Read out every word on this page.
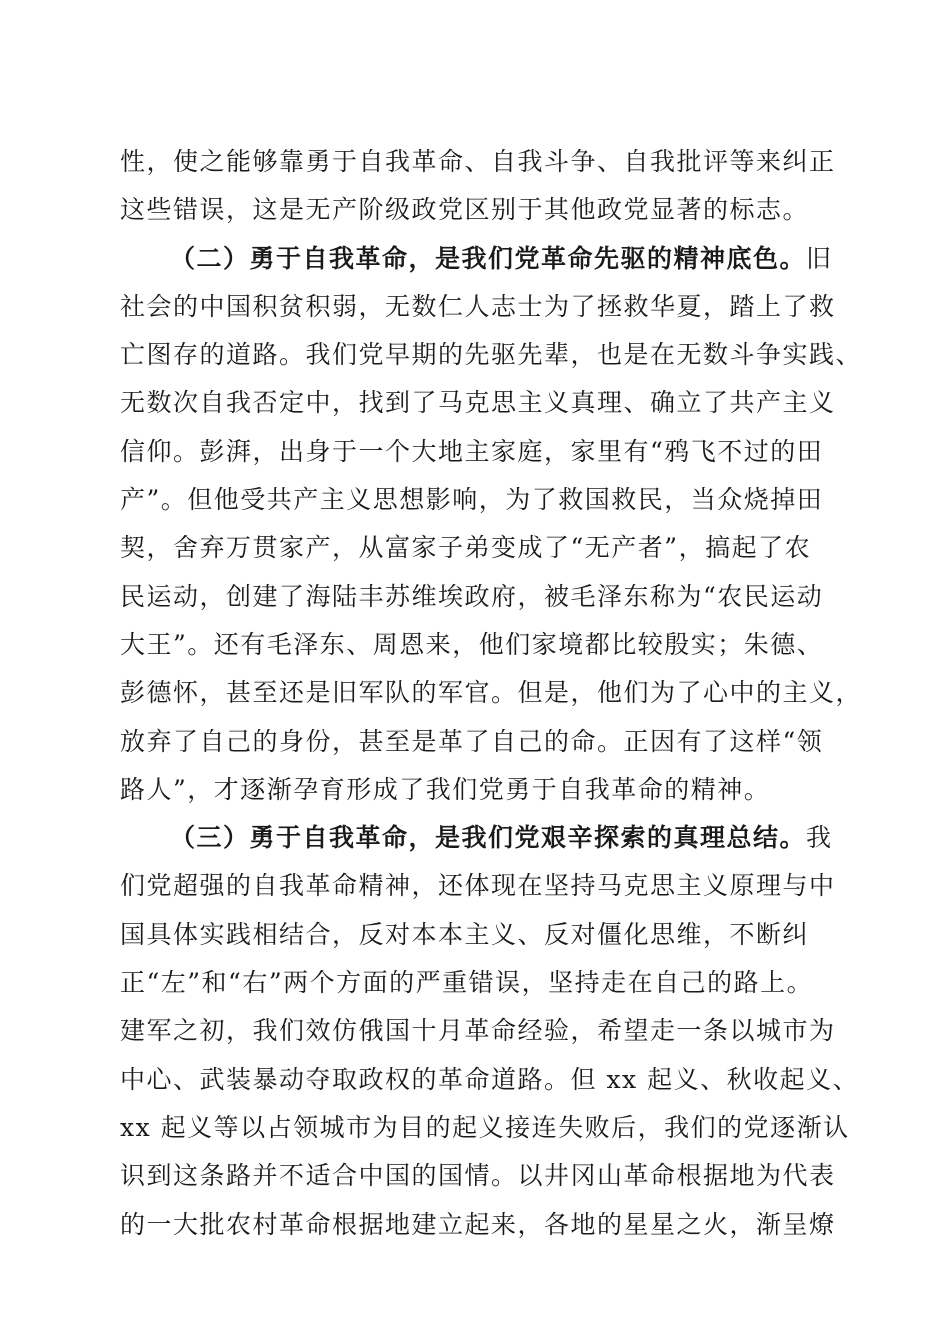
性，使之能够靠勇于自我革命、自我斗争、自我批评等来纠正
这些错误，这是无产阶级政党区别于其他政党显著的标志。
（二）勇于自我革命，是我们党革命先驱的精神底色。旧
社会的中国积贫积弱，无数仁人志士为了拯救华夏，踏上了救
亡图存的道路。我们党早期的先驱先辈，也是在无数斗争实践、
无数次自我否定中，找到了马克思主义真理、确立了共产主义
信仰。彭湃，出身于一个大地主家庭，家里有“鸦飞不过的田
产”。但他受共产主义思想影响，为了救国救民，当众烧掉田
契，舍弃万贯家产，从富家子弟变成了“无产者”，搞起了农
民运动，创建了海陆丰苏维埃政府，被毛泽东称为“农民运动
大王”。还有毛泽东、周恩来，他们家境都比较殷实；朱德、
彭德怀，甚至还是旧军队的军官。但是，他们为了心中的主义，
放弃了自己的身份，甚至是革了自己的命。正因有了这样“领
路人”，才逐渐孕育形成了我们党勇于自我革命的精神。
（三）勇于自我革命，是我们党艰辛探索的真理总结。我
们党超强的自我革命精神，还体现在坚持马克思主义原理与中
国具体实践相结合，反对本本主义、反对僵化思维，不断纠
正“左”和“右”两个方面的严重错误，坚持走在自己的路上。
建军之初，我们效仿俄国十月革命经验，希望走一条以城市为
中心、武装暴动夺取政权的革命道路。但 xx 起义、秋收起义、
xx 起义等以占领城市为目的起义接连失败后，我们的党逐渐认
识到这条路并不适合中国的国情。以井冈山革命根据地为代表
的一大批农村革命根据地建立起来，各地的星星之火，渐呈燎
